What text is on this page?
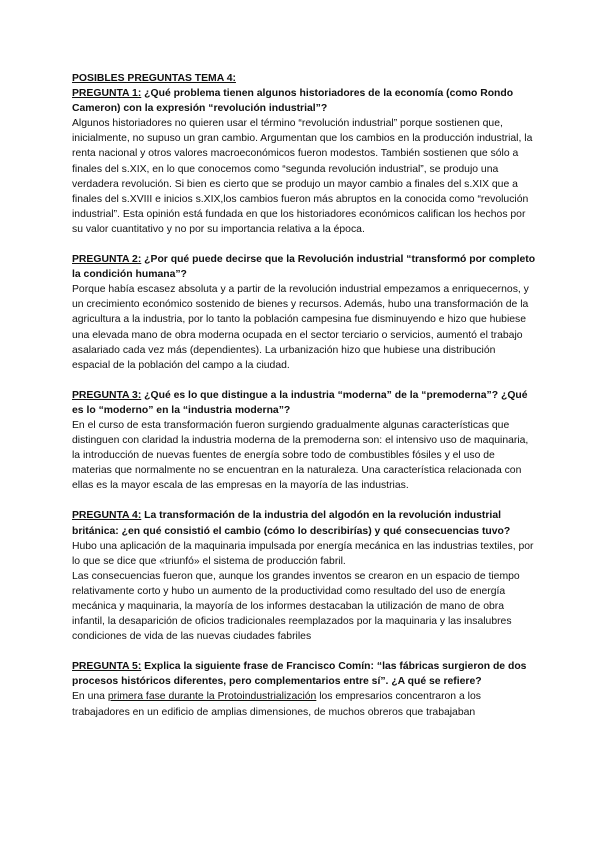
POSIBLES PREGUNTAS TEMA 4:

PREGUNTA 1: ¿Qué problema tienen algunos historiadores de la economía (como Rondo Cameron) con la expresión “revolución industrial”?

Algunos historiadores no quieren usar el término “revolución industrial” porque sostienen que, inicialmente, no supuso un gran cambio. Argumentan que los cambios en la producción industrial, la renta nacional y otros valores macroeconómicos fueron modestos. También sostienen que sólo a finales del s.XIX, en lo que conocemos como “segunda revolución industrial”, se produjo una verdadera revolución. Si bien es cierto que se produjo un mayor cambio a finales del s.XIX que a finales del s.XVIII e inicios s.XIX,los cambios fueron más abruptos en la conocida como “revolución industrial”. Esta opinión está fundada en que los historiadores económicos califican los hechos por su valor cuantitativo y no por su importancia relativa a la época.

PREGUNTA 2: ¿Por qué puede decirse que la Revolución industrial “transformó por completo la condición humana”?

Porque había escasez absoluta y a partir de la revolución industrial empezamos a enriquecernos, y un crecimiento económico sostenido de bienes y recursos. Además, hubo una transformación de la agricultura a la industria, por lo tanto la población campesina fue disminuyendo e hizo que hubiese una elevada mano de obra moderna ocupada en el sector terciario o servicios, aumentó el trabajo asalariado cada vez más (dependientes). La urbanización hizo que hubiese una distribución espacial de la población del campo a la ciudad.

PREGUNTA 3: ¿Qué es lo que distingue a la industria “moderna” de la “premoderna”? ¿Qué es lo “moderno” en la “industria moderna”?

En el curso de esta transformación fueron surgiendo gradualmente algunas características que distinguen con claridad la industria moderna de la premoderna son: el intensivo uso de maquinaria, la introducción de nuevas fuentes de energía sobre todo de combustibles fósiles y el uso de materias que normalmente no se encuentran en la naturaleza. Una característica relacionada con ellas es la mayor escala de las empresas en la mayoría de las industrias.

PREGUNTA 4: La transformación de la industria del algodón en la revolución industrial británica: ¿en qué consistió el cambio (cómo lo describirías) y qué consecuencias tuvo?

Hubo una aplicación de la maquinaria impulsada por energía mecánica en las industrias textiles, por lo que se dice que «triunfó» el sistema de producción fabril.

Las consecuencias fueron que, aunque los grandes inventos se crearon en un espacio de tiempo relativamente corto y hubo un aumento de la productividad como resultado del uso de energía mecánica y maquinaria, la mayoría de los informes destacaban la utilización de mano de obra infantil, la desaparición de oficios tradicionales reemplazados por la maquinaria y las insalubres condiciones de vida de las nuevas ciudades fabriles

PREGUNTA 5: Explica la siguiente frase de Francisco Comín: “las fábricas surgieron de dos procesos históricos diferentes, pero complementarios entre sí”. ¿A qué se refiere?

En una primera fase durante la Protoindustrialización los empresarios concentraron a los trabajadores en un edificio de amplias dimensiones, de muchos obreros que trabajaban
